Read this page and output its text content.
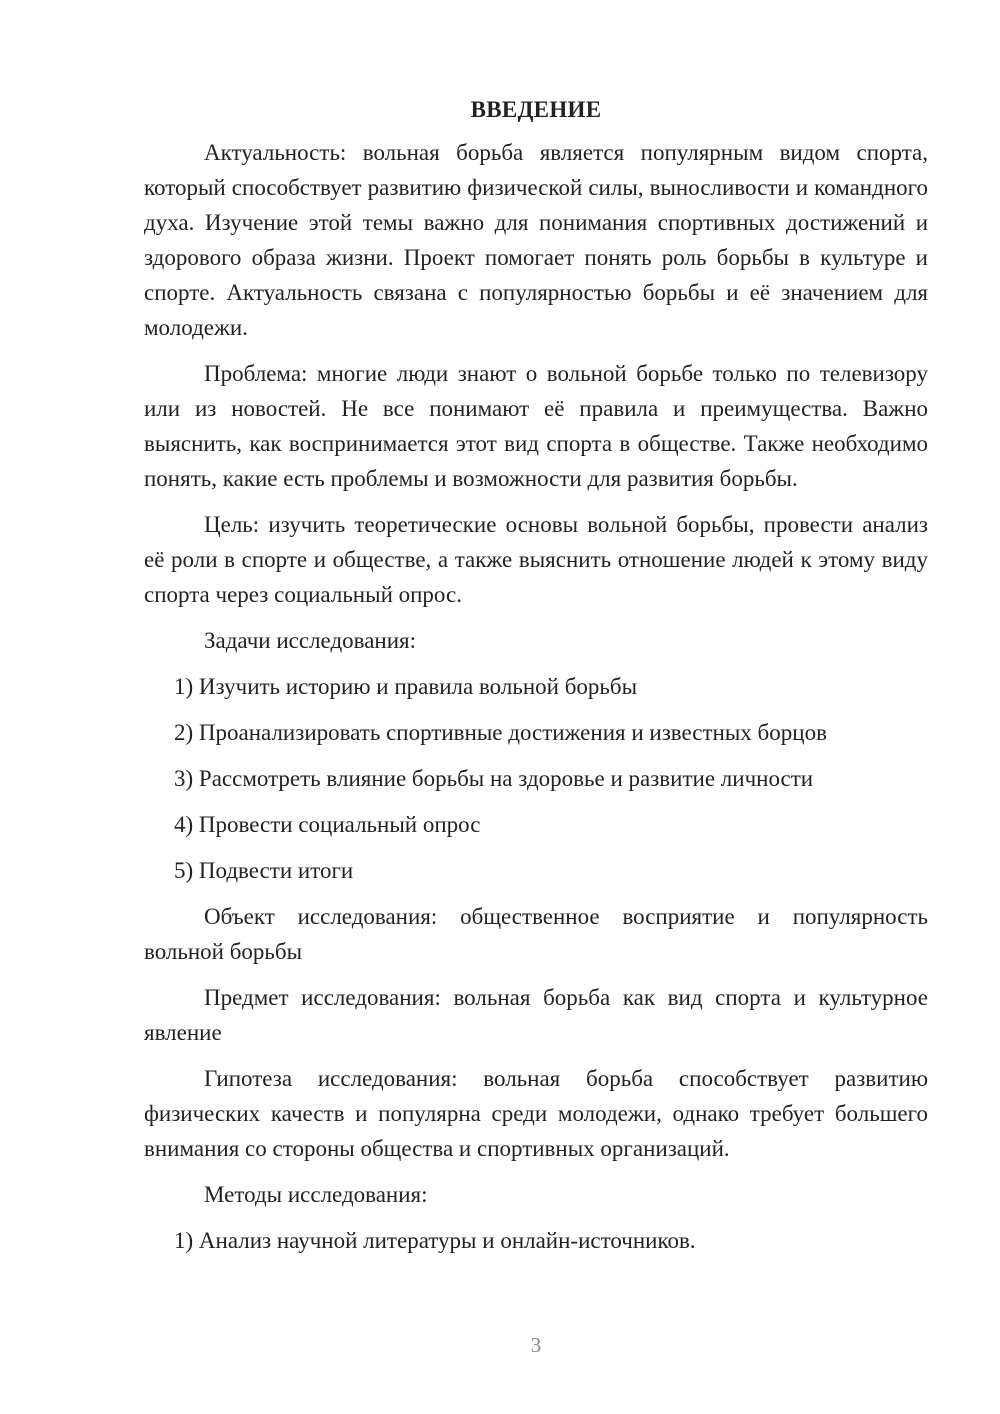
ВВЕДЕНИЕ

Актуальность: вольная борьба является популярным видом спорта, который способствует развитию физической силы, выносливости и командного духа. Изучение этой темы важно для понимания спортивных достижений и здорового образа жизни. Проект помогает понять роль борьбы в культуре и спорте. Актуальность связана с популярностью борьбы и её значением для молодежи.

Проблема: многие люди знают о вольной борьбе только по телевизору или из новостей. Не все понимают её правила и преимущества. Важно выяснить, как воспринимается этот вид спорта в обществе. Также необходимо понять, какие есть проблемы и возможности для развития борьбы.

Цель: изучить теоретические основы вольной борьбы, провести анализ её роли в спорте и обществе, а также выяснить отношение людей к этому виду спорта через социальный опрос.

Задачи исследования:

1) Изучить историю и правила вольной борьбы
2) Проанализировать спортивные достижения и известных борцов
3) Рассмотреть влияние борьбы на здоровье и развитие личности
4) Провести социальный опрос
5) Подвести итоги

Объект исследования: общественное восприятие и популярность вольной борьбы

Предмет исследования: вольная борьба как вид спорта и культурное явление

Гипотеза исследования: вольная борьба способствует развитию физических качеств и популярна среди молодежи, однако требует большего внимания со стороны общества и спортивных организаций.

Методы исследования:

1) Анализ научной литературы и онлайн-источников.
3
